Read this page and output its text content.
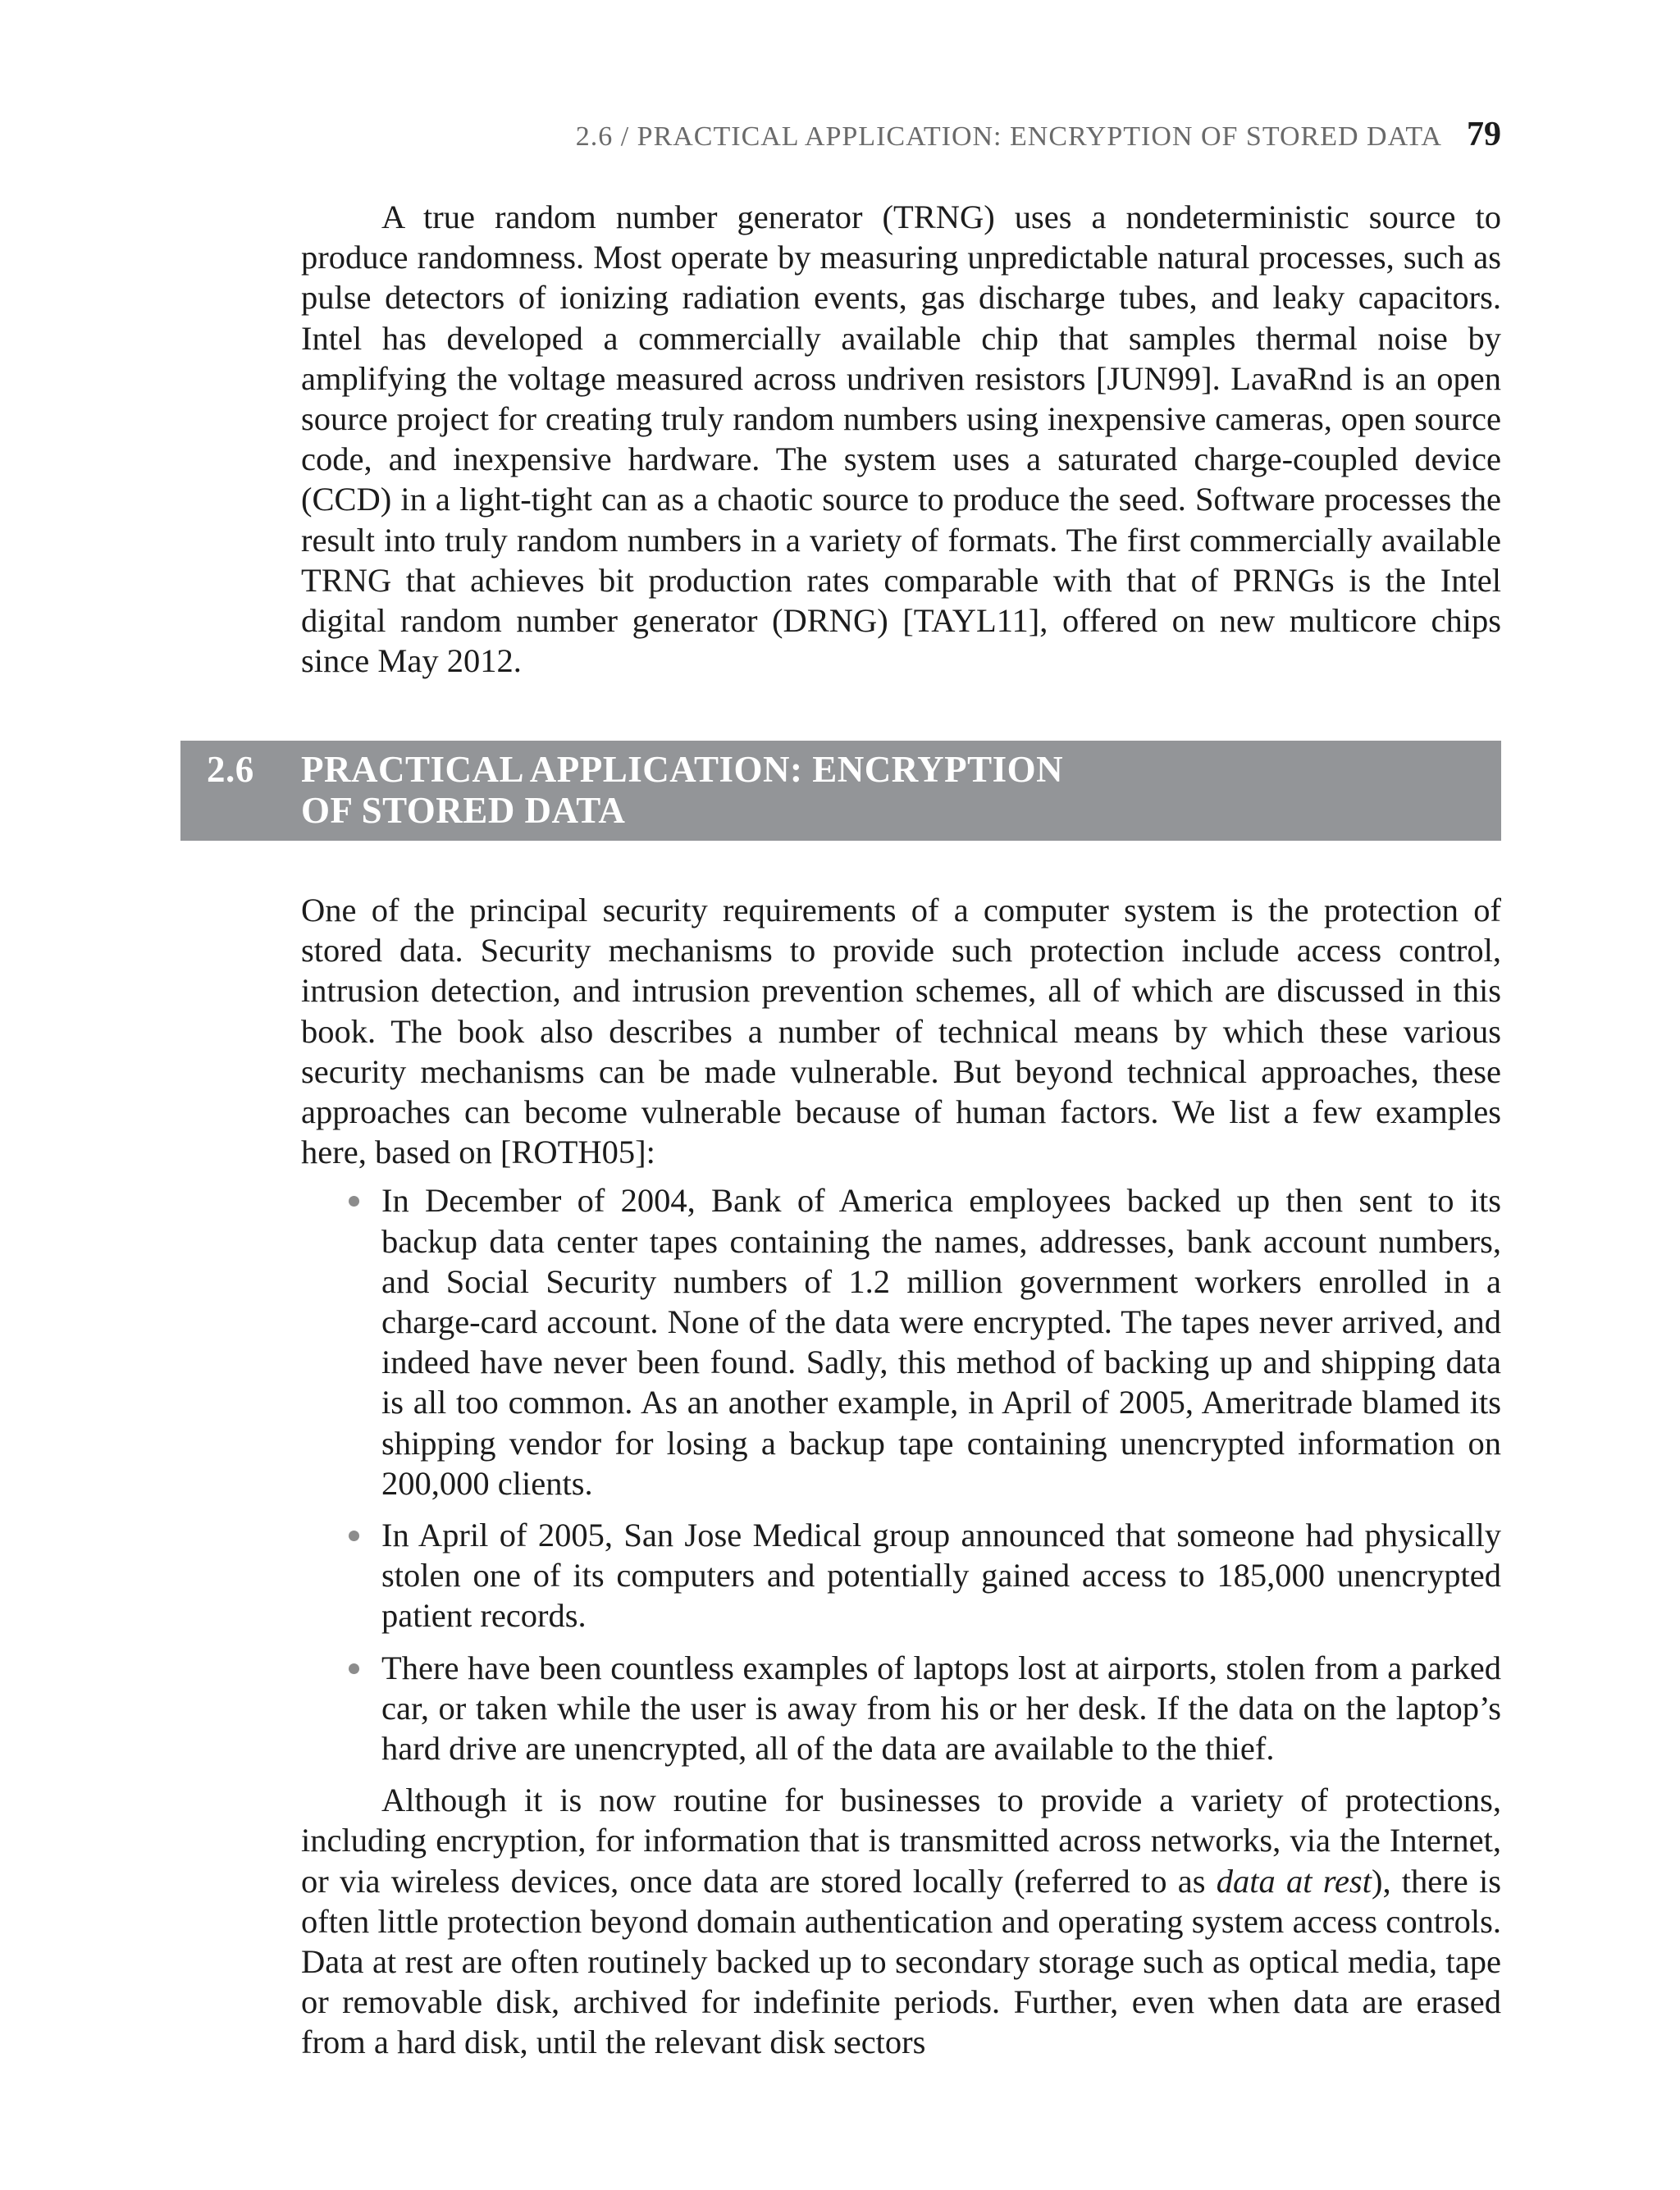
2.6 / PRACTICAL APPLICATION: ENCRYPTION OF STORED DATA 79

A true random number generator (TRNG) uses a nondeterministic source to produce randomness. Most operate by measuring unpredictable natural processes, such as pulse detectors of ionizing radiation events, gas discharge tubes, and leaky capacitors. Intel has developed a commercially available chip that samples thermal noise by amplifying the voltage measured across undriven resistors [JUN99]. LavaRnd is an open source project for creating truly random numbers using inexpensive cameras, open source code, and inexpensive hardware. The system uses a saturated charge-coupled device (CCD) in a light-tight can as a chaotic source to produce the seed. Software processes the result into truly random numbers in a variety of formats. The first commercially available TRNG that achieves bit production rates comparable with that of PRNGs is the Intel digital random number generator (DRNG) [TAYL11], offered on new multicore chips since May 2012.

2.6 PRACTICAL APPLICATION: ENCRYPTION
OF STORED DATA

One of the principal security requirements of a computer system is the protection of stored data. Security mechanisms to provide such protection include access control, intrusion detection, and intrusion prevention schemes, all of which are discussed in this book. The book also describes a number of technical means by which these various security mechanisms can be made vulnerable. But beyond technical approaches, these approaches can become vulnerable because of human factors. We list a few examples here, based on [ROTH05]:

In December of 2004, Bank of America employees backed up then sent to its backup data center tapes containing the names, addresses, bank account numbers, and Social Security numbers of 1.2 million government workers enrolled in a charge-card account. None of the data were encrypted. The tapes never arrived, and indeed have never been found. Sadly, this method of backing up and shipping data is all too common. As an another example, in April of 2005, Ameritrade blamed its shipping vendor for losing a backup tape containing unencrypted information on 200,000 clients.
In April of 2005, San Jose Medical group announced that someone had physically stolen one of its computers and potentially gained access to 185,000 unencrypted patient records.
There have been countless examples of laptops lost at airports, stolen from a parked car, or taken while the user is away from his or her desk. If the data on the laptop’s hard drive are unencrypted, all of the data are available to the thief.

Although it is now routine for businesses to provide a variety of protections, including encryption, for information that is transmitted across networks, via the Internet, or via wireless devices, once data are stored locally (referred to as data at rest), there is often little protection beyond domain authentication and operating system access controls. Data at rest are often routinely backed up to secondary storage such as optical media, tape or removable disk, archived for indefinite periods. Further, even when data are erased from a hard disk, until the relevant disk sectors
